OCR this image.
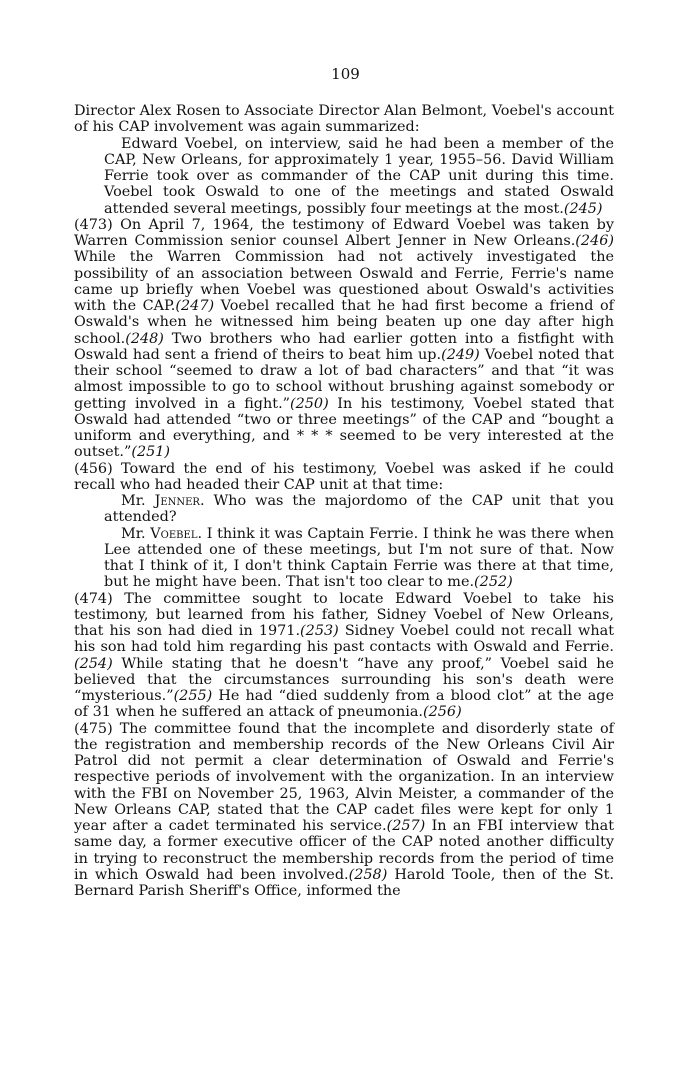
109

Director Alex Rosen to Associate Director Alan Belmont, Voebel's account of his CAP involvement was again summarized:

Edward Voebel, on interview, said he had been a member of the CAP, New Orleans, for approximately 1 year, 1955–56. David William Ferrie took over as commander of the CAP unit during this time. Voebel took Oswald to one of the meetings and stated Oswald attended several meetings, possibly four meetings at the most.(245)

(473) On April 7, 1964, the testimony of Edward Voebel was taken by Warren Commission senior counsel Albert Jenner in New Orleans.(246) While the Warren Commission had not actively investigated the possibility of an association between Oswald and Ferrie, Ferrie's name came up briefly when Voebel was questioned about Oswald's activities with the CAP.(247) Voebel recalled that he had first become a friend of Oswald's when he witnessed him being beaten up one day after high school.(248) Two brothers who had earlier gotten into a fistfight with Oswald had sent a friend of theirs to beat him up.(249) Voebel noted that their school “seemed to draw a lot of bad characters” and that “it was almost impossible to go to school without brushing against somebody or getting involved in a fight.”(250) In his testimony, Voebel stated that Oswald had attended “two or three meetings” of the CAP and “bought a uniform and everything, and * * * seemed to be very interested at the outset.”(251)

(456) Toward the end of his testimony, Voebel was asked if he could recall who had headed their CAP unit at that time:

Mr. Jenner. Who was the majordomo of the CAP unit that you attended?

Mr. Voebel. I think it was Captain Ferrie. I think he was there when Lee attended one of these meetings, but I'm not sure of that. Now that I think of it, I don't think Captain Ferrie was there at that time, but he might have been. That isn't too clear to me.(252)

(474) The committee sought to locate Edward Voebel to take his testimony, but learned from his father, Sidney Voebel of New Orleans, that his son had died in 1971.(253) Sidney Voebel could not recall what his son had told him regarding his past contacts with Oswald and Ferrie.(254) While stating that he doesn't “have any proof,” Voebel said he believed that the circumstances surrounding his son's death were “mysterious.”(255) He had “died suddenly from a blood clot” at the age of 31 when he suffered an attack of pneumonia.(256)

(475) The committee found that the incomplete and disorderly state of the registration and membership records of the New Orleans Civil Air Patrol did not permit a clear determination of Oswald and Ferrie's respective periods of involvement with the organization. In an interview with the FBI on November 25, 1963, Alvin Meister, a commander of the New Orleans CAP, stated that the CAP cadet files were kept for only 1 year after a cadet terminated his service.(257) In an FBI interview that same day, a former executive officer of the CAP noted another difficulty in trying to reconstruct the membership records from the period of time in which Oswald had been involved.(258) Harold Toole, then of the St. Bernard Parish Sheriff's Office, informed the
